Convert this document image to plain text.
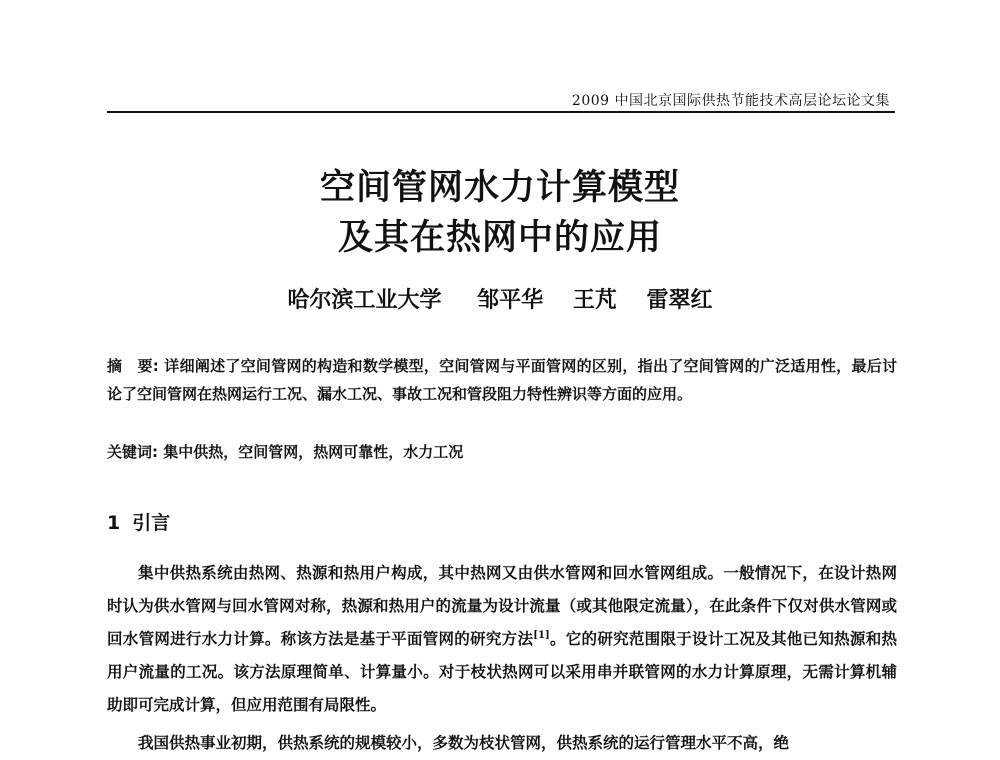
2009 中国北京国际供热节能技术高层论坛论文集
空间管网水力计算模型
及其在热网中的应用
哈尔滨工业大学 邹平华 王芃 雷翠红
摘　要: 详细阐述了空间管网的构造和数学模型，空间管网与平面管网的区别，指出了空间管网的广泛适用性，最后讨论了空间管网在热网运行工况、漏水工况、事故工况和管段阻力特性辨识等方面的应用。
关键词: 集中供热，空间管网，热网可靠性，水力工况
1 引言
集中供热系统由热网、热源和热用户构成，其中热网又由供水管网和回水管网组成。一般情况下，在设计热网时认为供水管网与回水管网对称，热源和热用户的流量为设计流量（或其他限定流量），在此条件下仅对供水管网或回水管网进行水力计算。称该方法是基于平面管网的研究方法[1]。它的研究范围限于设计工况及其他已知热源和热用户流量的工况。该方法原理简单、计算量小。对于枝状热网可以采用串并联管网的水力计算原理，无需计算机辅助即可完成计算，但应用范围有局限性。
我国供热事业初期，供热系统的规模较小，多数为枝状管网，供热系统的运行管理水平不高，绝
